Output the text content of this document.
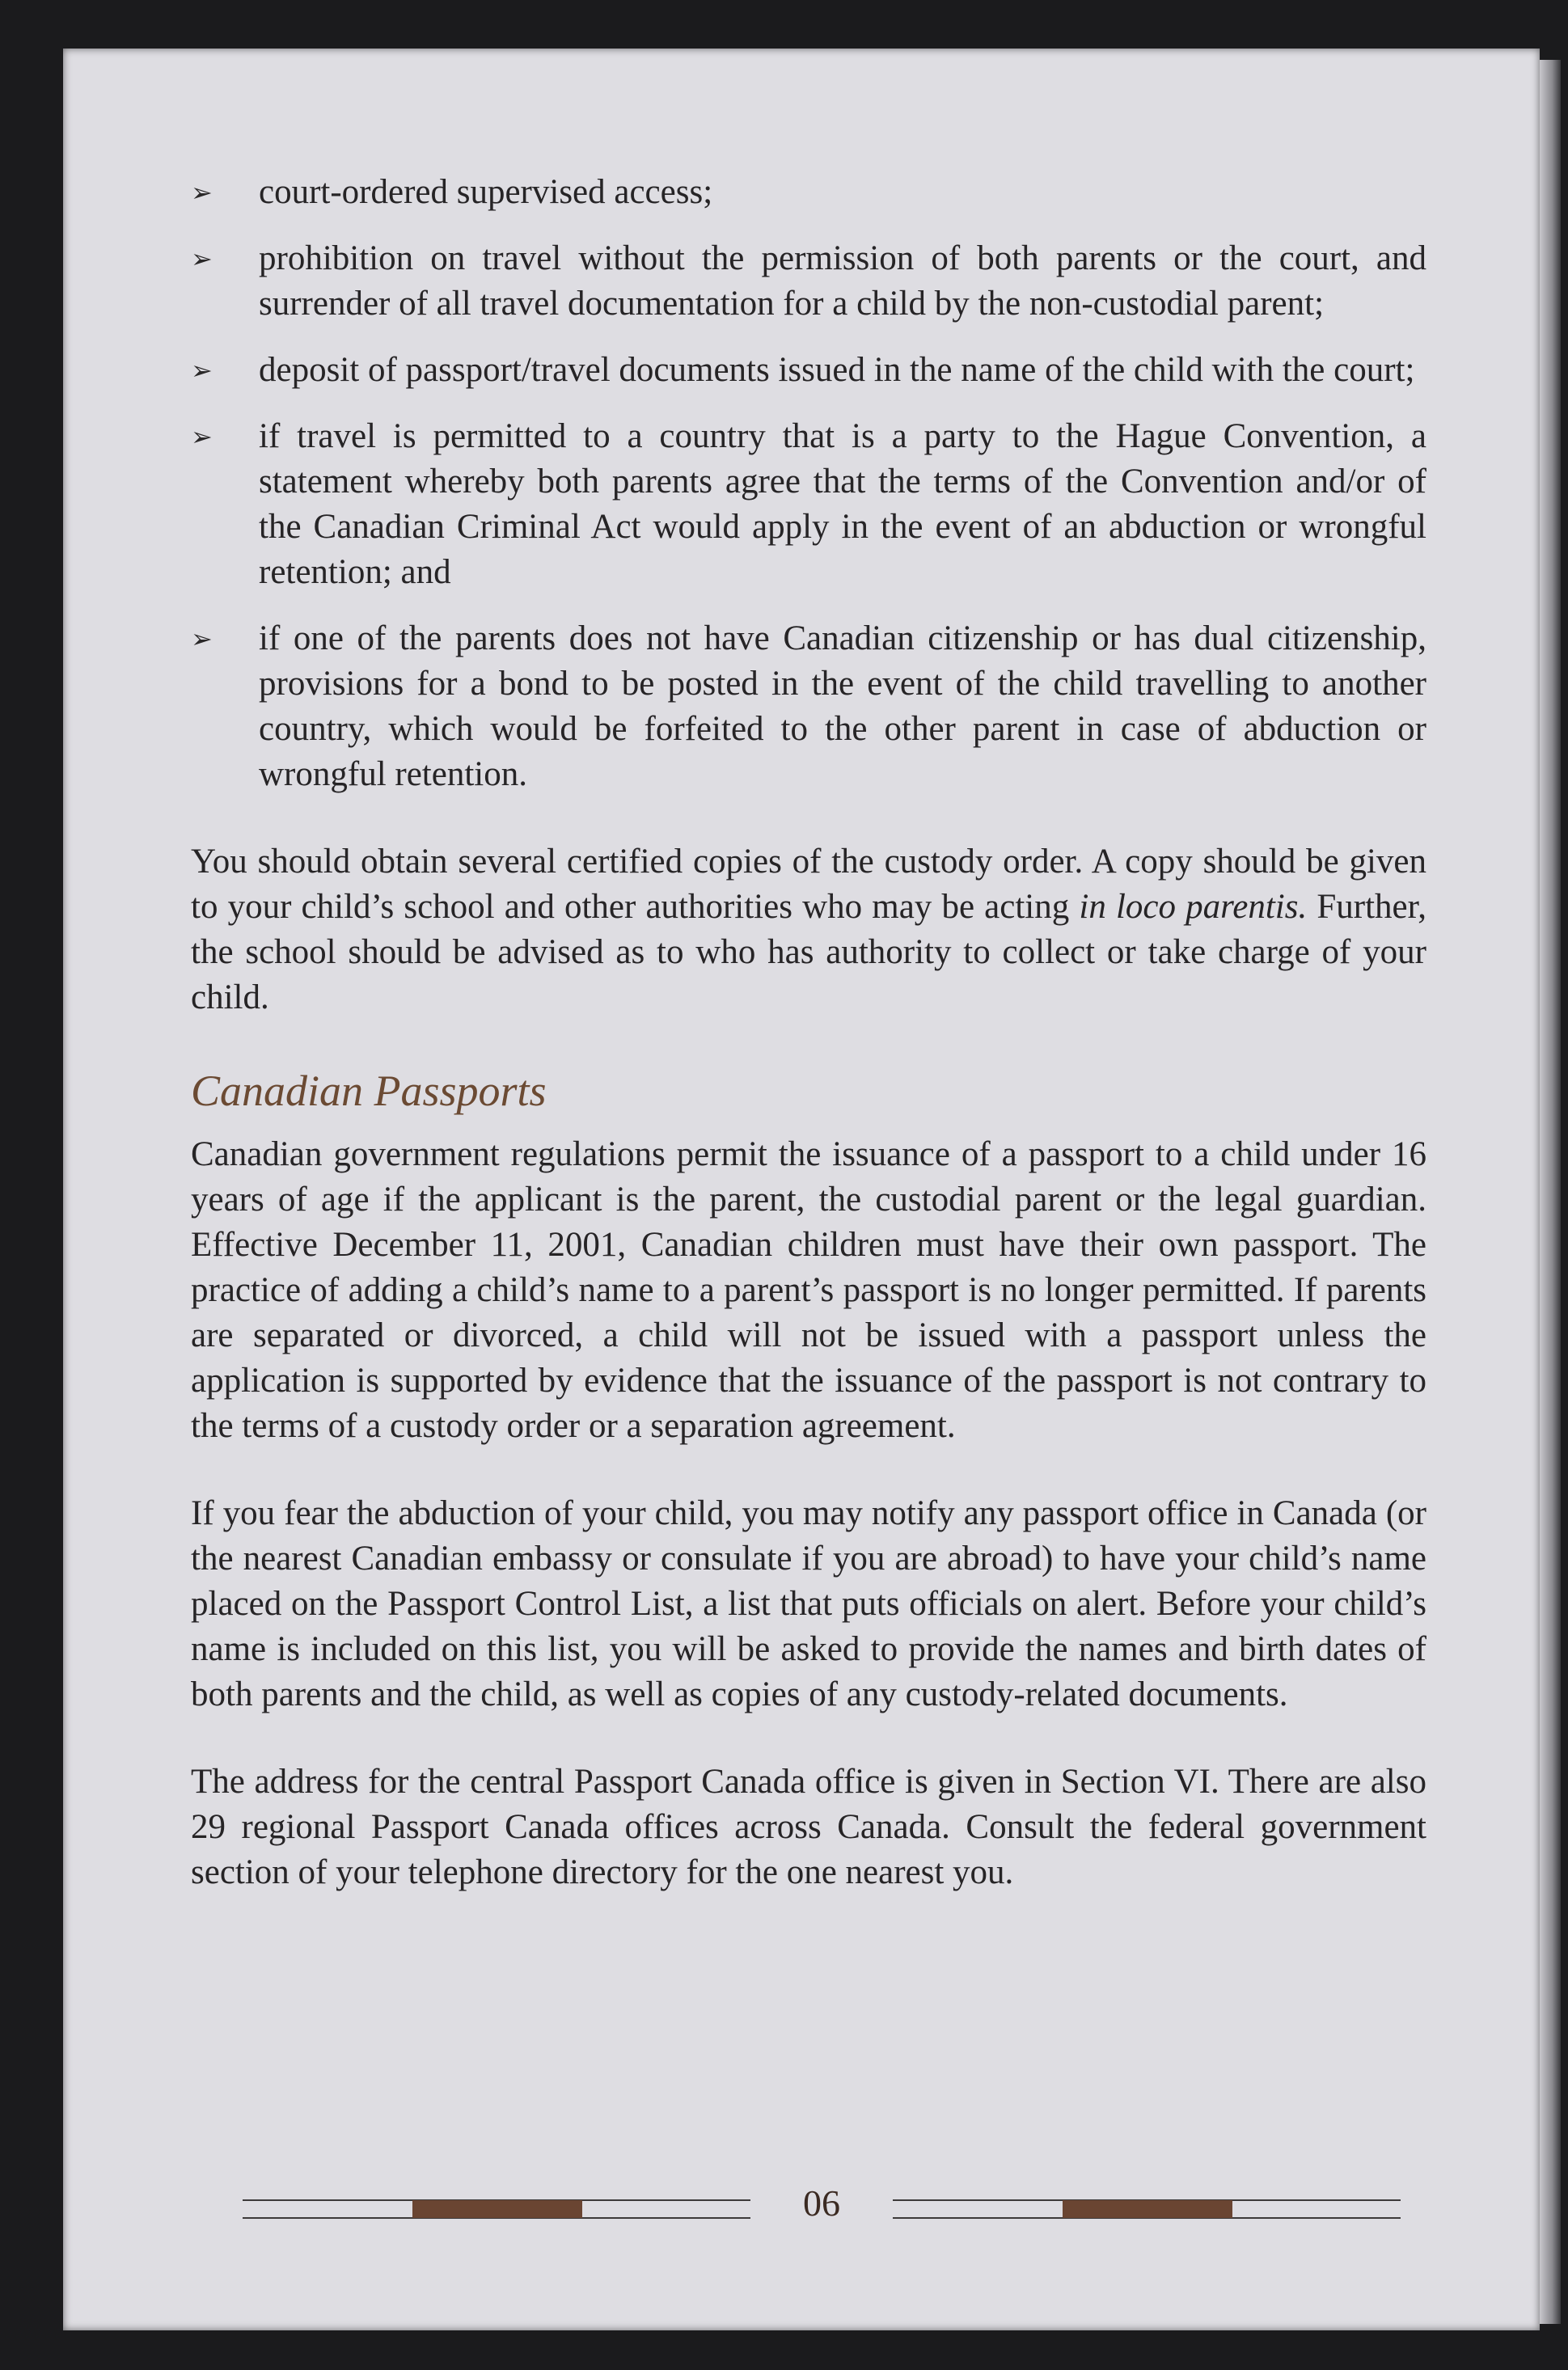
➢ court-ordered supervised access;
➢ prohibition on travel without the permission of both parents or the court, and surrender of all travel documentation for a child by the non-custodial parent;
➢ deposit of passport/travel documents issued in the name of the child with the court;
➢ if travel is permitted to a country that is a party to the Hague Convention, a statement whereby both parents agree that the terms of the Convention and/or of the Canadian Criminal Act would apply in the event of an abduction or wrongful retention; and
➢ if one of the parents does not have Canadian citizenship or has dual citizenship, provisions for a bond to be posted in the event of the child travelling to another country, which would be forfeited to the other parent in case of abduction or wrongful retention.

You should obtain several certified copies of the custody order. A copy should be given to your child’s school and other authorities who may be acting in loco parentis. Further, the school should be advised as to who has authority to collect or take charge of your child.

Canadian Passports

Canadian government regulations permit the issuance of a passport to a child under 16 years of age if the applicant is the parent, the custodial parent or the legal guardian. Effective December 11, 2001, Canadian children must have their own passport. The practice of adding a child’s name to a parent’s passport is no longer permitted. If parents are separated or divorced, a child will not be issued with a passport unless the application is supported by evidence that the issuance of the passport is not contrary to the terms of a custody order or a separation agreement.

If you fear the abduction of your child, you may notify any passport office in Canada (or the nearest Canadian embassy or consulate if you are abroad) to have your child’s name placed on the Passport Control List, a list that puts officials on alert. Before your child’s name is included on this list, you will be asked to provide the names and birth dates of both parents and the child, as well as copies of any custody-related documents.

The address for the central Passport Canada office is given in Section VI. There are also 29 regional Passport Canada offices across Canada. Consult the federal government section of your telephone directory for the one nearest you.

06
